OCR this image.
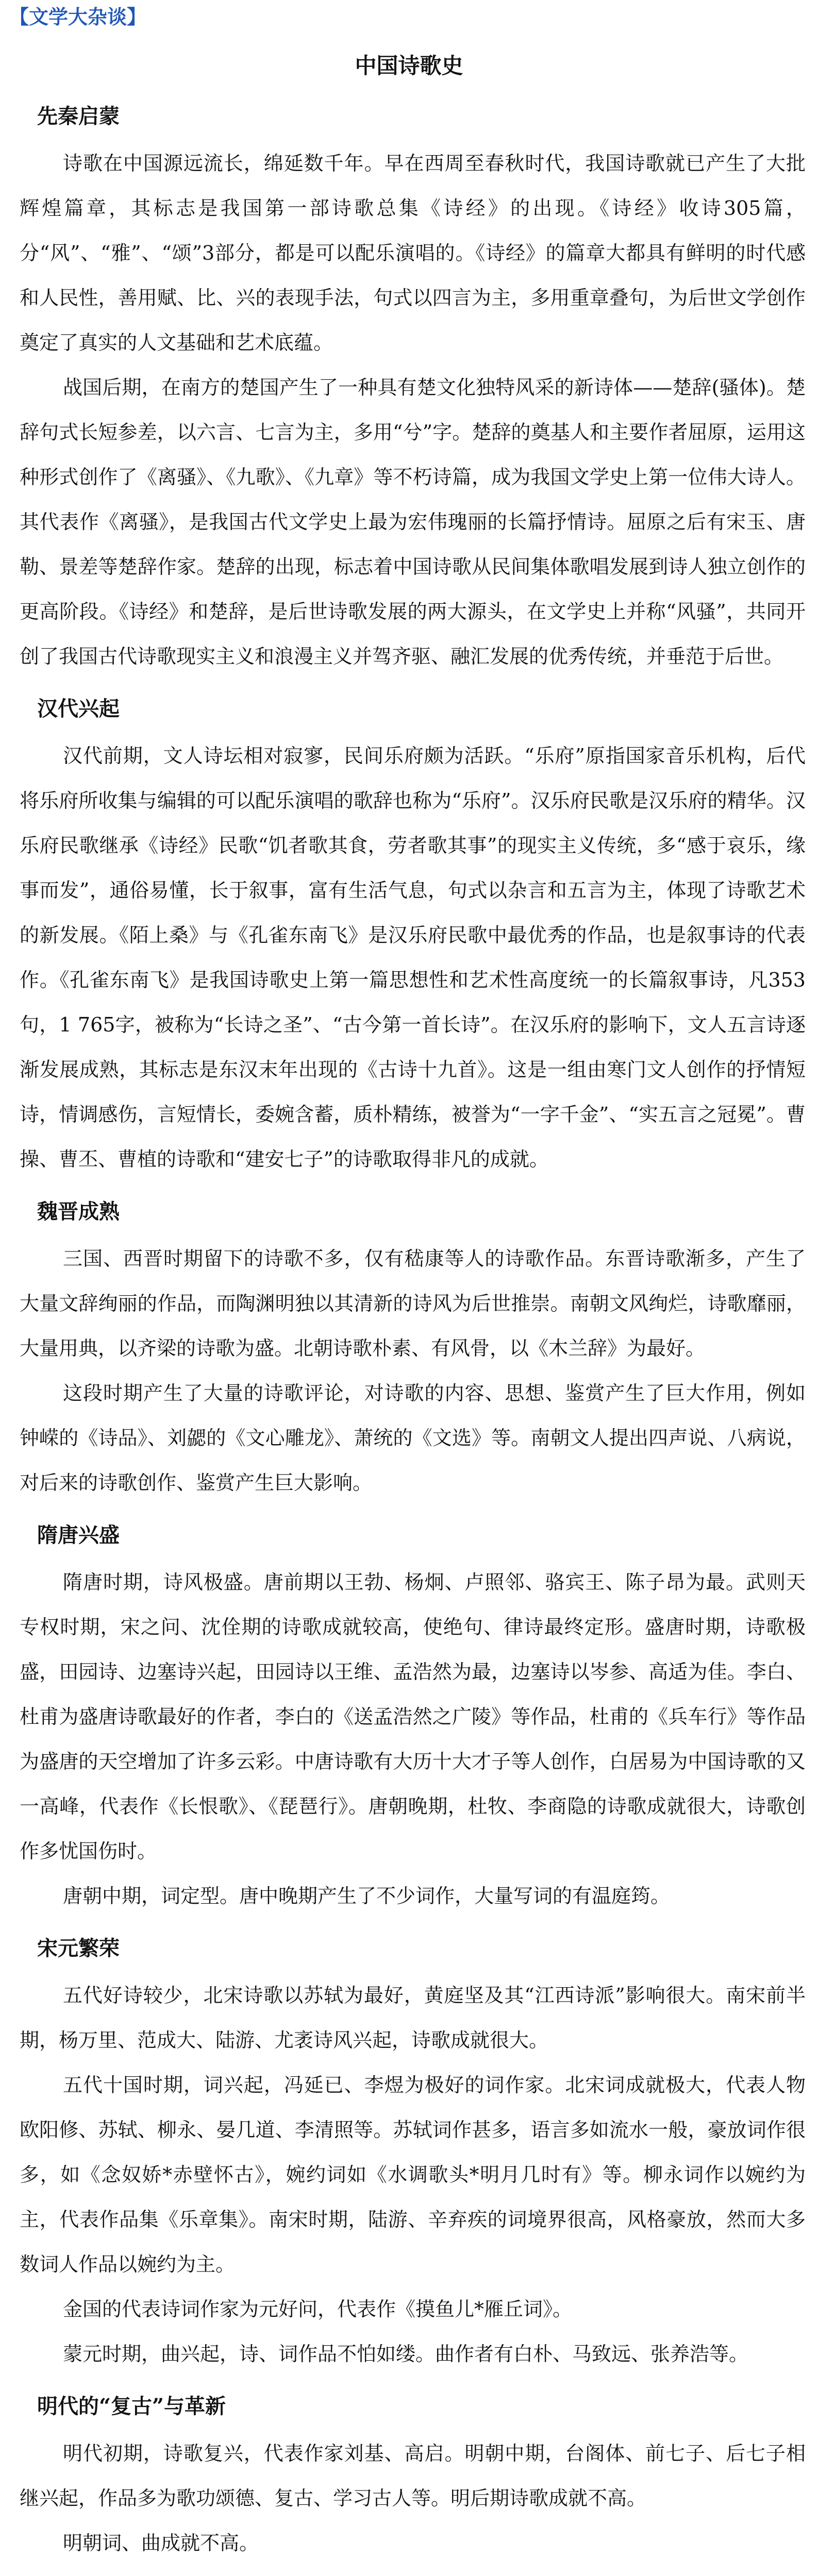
【文学大杂谈】
中国诗歌史
先秦启蒙
诗歌在中国源远流长，绵延数千年。早在西周至春秋时代，我国诗歌就已产生了大批辉煌篇章，其标志是我国第一部诗歌总集《诗经》的出现。《诗经》收诗305篇，分“风”、“雅”、“颂”3部分，都是可以配乐演唱的。《诗经》的篇章大都具有鲜明的时代感和人民性，善用赋、比、兴的表现手法，句式以四言为主，多用重章叠句，为后世文学创作奠定了真实的人文基础和艺术底蕴。
战国后期，在南方的楚国产生了一种具有楚文化独特风采的新诗体——楚辞(骚体)。楚辞句式长短参差，以六言、七言为主，多用“兮”字。楚辞的奠基人和主要作者屈原，运用这种形式创作了《离骚》、《九歌》、《九章》等不朽诗篇，成为我国文学史上第一位伟大诗人。其代表作《离骚》，是我国古代文学史上最为宏伟瑰丽的长篇抒情诗。屈原之后有宋玉、唐勒、景差等楚辞作家。楚辞的出现，标志着中国诗歌从民间集体歌唱发展到诗人独立创作的更高阶段。《诗经》和楚辞，是后世诗歌发展的两大源头，在文学史上并称“风骚”，共同开创了我国古代诗歌现实主义和浪漫主义并驾齐驱、融汇发展的优秀传统，并垂范于后世。
汉代兴起
汉代前期，文人诗坛相对寂寥，民间乐府颇为活跃。“乐府”原指国家音乐机构，后代将乐府所收集与编辑的可以配乐演唱的歌辞也称为“乐府”。汉乐府民歌是汉乐府的精华。汉乐府民歌继承《诗经》民歌“饥者歌其食，劳者歌其事”的现实主义传统，多“感于哀乐，缘事而发”，通俗易懂，长于叙事，富有生活气息，句式以杂言和五言为主，体现了诗歌艺术的新发展。《陌上桑》与《孔雀东南飞》是汉乐府民歌中最优秀的作品，也是叙事诗的代表作。《孔雀东南飞》是我国诗歌史上第一篇思想性和艺术性高度统一的长篇叙事诗，凡353句，1 765字，被称为“长诗之圣”、“古今第一首长诗”。在汉乐府的影响下，文人五言诗逐渐发展成熟，其标志是东汉末年出现的《古诗十九首》。这是一组由寒门文人创作的抒情短诗，情调感伤，言短情长，委婉含蓄，质朴精练，被誉为“一字千金”、“实五言之冠冕”。曹操、曹丕、曹植的诗歌和“建安七子”的诗歌取得非凡的成就。
魏晋成熟
三国、西晋时期留下的诗歌不多，仅有嵇康等人的诗歌作品。东晋诗歌渐多，产生了大量文辞绚丽的作品，而陶渊明独以其清新的诗风为后世推崇。南朝文风绚烂，诗歌靡丽，大量用典，以齐梁的诗歌为盛。北朝诗歌朴素、有风骨，以《木兰辞》为最好。
这段时期产生了大量的诗歌评论，对诗歌的内容、思想、鉴赏产生了巨大作用，例如钟嵘的《诗品》、刘勰的《文心雕龙》、萧统的《文选》等。南朝文人提出四声说、八病说，对后来的诗歌创作、鉴赏产生巨大影响。
隋唐兴盛
隋唐时期，诗风极盛。唐前期以王勃、杨炯、卢照邻、骆宾王、陈子昂为最。武则天专权时期，宋之问、沈佺期的诗歌成就较高，使绝句、律诗最终定形。盛唐时期，诗歌极盛，田园诗、边塞诗兴起，田园诗以王维、孟浩然为最，边塞诗以岑参、高适为佳。李白、杜甫为盛唐诗歌最好的作者，李白的《送孟浩然之广陵》等作品，杜甫的《兵车行》等作品为盛唐的天空增加了许多云彩。中唐诗歌有大历十大才子等人创作，白居易为中国诗歌的又一高峰，代表作《长恨歌》、《琵琶行》。唐朝晚期，杜牧、李商隐的诗歌成就很大，诗歌创作多忧国伤时。
唐朝中期，词定型。唐中晚期产生了不少词作，大量写词的有温庭筠。
宋元繁荣
五代好诗较少，北宋诗歌以苏轼为最好，黄庭坚及其“江西诗派”影响很大。南宋前半期，杨万里、范成大、陆游、尤袤诗风兴起，诗歌成就很大。
五代十国时期，词兴起，冯延已、李煜为极好的词作家。北宋词成就极大，代表人物欧阳修、苏轼、柳永、晏几道、李清照等。苏轼词作甚多，语言多如流水一般，豪放词作很多，如《念奴娇*赤壁怀古》，婉约词如《水调歌头*明月几时有》等。柳永词作以婉约为主，代表作品集《乐章集》。南宋时期，陆游、辛弃疾的词境界很高，风格豪放，然而大多数词人作品以婉约为主。
金国的代表诗词作家为元好问，代表作《摸鱼儿*雁丘词》。
蒙元时期，曲兴起，诗、词作品不怕如缕。曲作者有白朴、马致远、张养浩等。
明代的“复古”与革新
明代初期，诗歌复兴，代表作家刘基、高启。明朝中期，台阁体、前七子、后七子相继兴起，作品多为歌功颂德、复古、学习古人等。明后期诗歌成就不高。
明朝词、曲成就不高。
